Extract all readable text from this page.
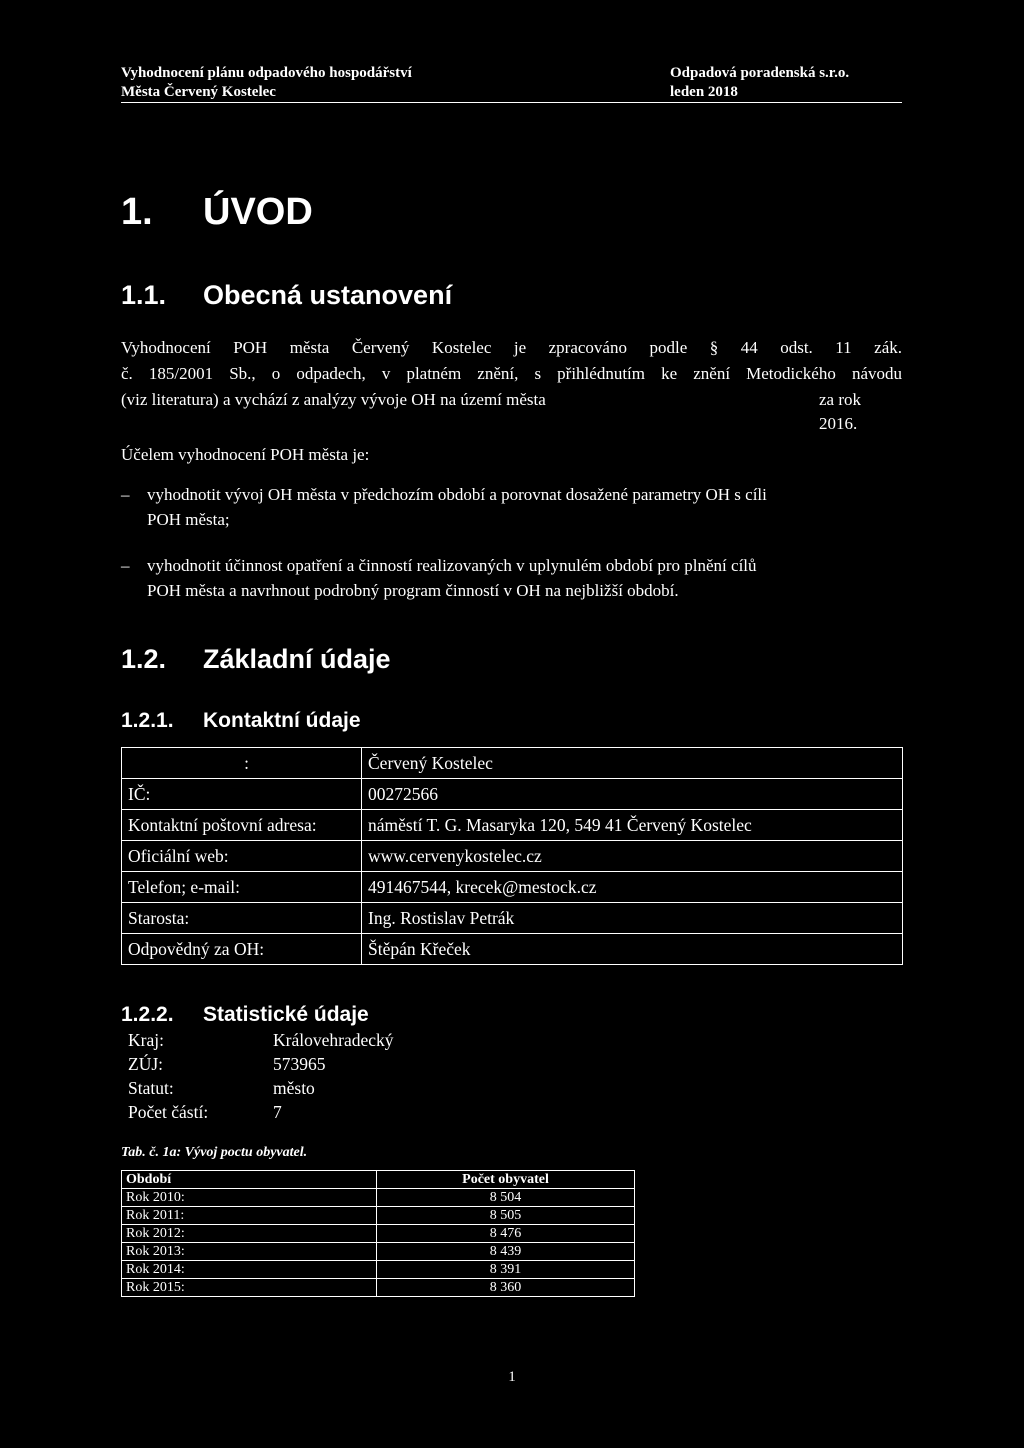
Vyhodnocení plánu odpadového hospodářství
Města Červený Kostelec
Odpadová poradenská s.r.o.
leden 2018
1. ÚVOD
1.1. Obecná ustanovení
Vyhodnocení POH města Červený Kostelec je zpracováno podle § 44 odst. 11 zák.
č. 185/2001 Sb., o odpadech, v platném znění, s přihlédnutím ke znění Metodického návodu
(viz literatura) a vychází z analýzy vývoje OH na území města	za rok 2016.
Účelem vyhodnocení POH města je:
–	vyhodnotit vývoj OH města v předchozím období a porovnat dosažené parametry OH s cíli
POH města;
–	vyhodnotit účinnost opatření a činností realizovaných v uplynulém období pro plnění cílů
POH města a navrhnout podrobný program činností v OH na nejbližší období.
1.2. Základní údaje
1.2.1. Kontaktní údaje
:	Červený Kostelec
IČ:	00272566
Kontaktní poštovní adresa:	náměstí T. G. Masaryka 120, 549 41 Červený Kostelec
Oficiální web:	www.cervenykostelec.cz
Telefon; e-mail:	491467544, krecek@mestock.cz
Starosta:	Ing. Rostislav Petrák
Odpovědný za OH:	Štěpán Křeček
1.2.2. Statistické údaje
Kraj:	Královehradecký
ZÚJ:	573965
Statut:	město
Počet částí:	7
Tab. č. 1a: Vývoj poctu obyvatel.
Období	Počet obyvatel
Rok 2010:	8 504
Rok 2011:	8 505
Rok 2012:	8 476
Rok 2013:	8 439
Rok 2014:	8 391
Rok 2015:	8 360
1
